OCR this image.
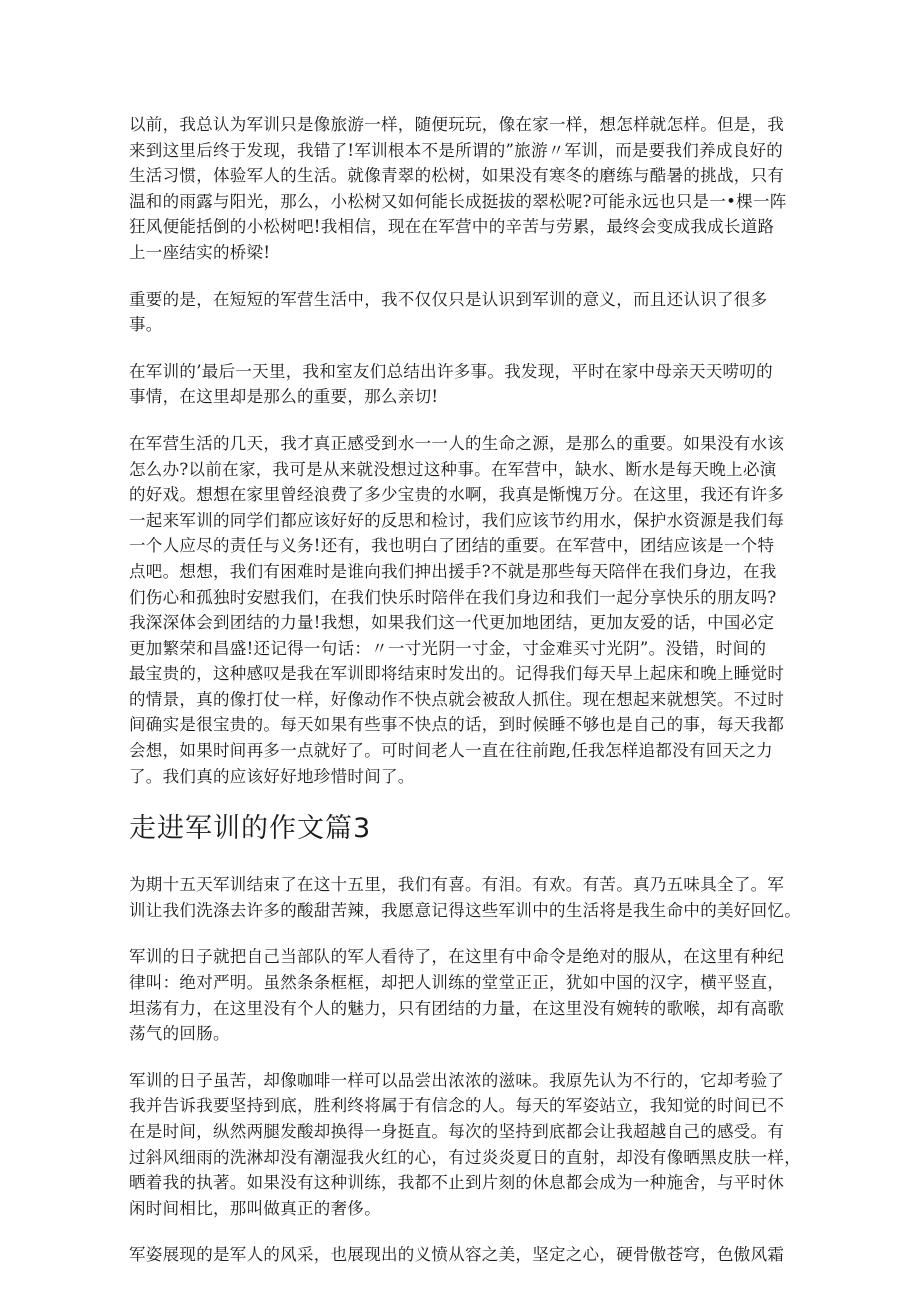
以前，我总认为军训只是像旅游一样，随便玩玩，像在家一样，想怎样就怎样。但是，我
来到这里后终于发现，我错了!军训根本不是所谓的”旅游〃军训，而是要我们养成良好的
生活习惯，体验军人的生活。就像青翠的松树，如果没有寒冬的磨练与酷暑的挑战，只有
温和的雨露与阳光，那么，小松树又如何能长成挺拔的翠松呢?可能永远也只是一•棵一阵
狂风便能括倒的小松树吧!我相信，现在在军营中的辛苦与劳累，最终会变成我成长道路
上一座结实的桥梁!

重要的是，在短短的军营生活中，我不仅仅只是认识到军训的意义，而且还认识了很多
事。

在军训的’最后一天里，我和室友们总结出许多事。我发现，平时在家中母亲天天唠叨的
事情，在这里却是那么的重要，那么亲切!

在军营生活的几天，我才真正感受到水一一人的生命之源，是那么的重要。如果没有水该
怎么办?以前在家，我可是从来就没想过这种事。在军营中，缺水、断水是每天晚上必演
的好戏。想想在家里曾经浪费了多少宝贵的水啊，我真是惭愧万分。在这里，我还有许多
一起来军训的同学们都应该好好的反思和检讨，我们应该节约用水，保护水资源是我们每
一个人应尽的责任与义务!还有，我也明白了团结的重要。在军营中，团结应该是一个特
点吧。想想，我们有困难时是谁向我们抻出援手?不就是那些每天陪伴在我们身边，在我
们伤心和孤独时安慰我们，在我们快乐时陪伴在我们身边和我们一起分享快乐的朋友吗?
我深深体会到团结的力量!我想，如果我们这一代更加地团结，更加友爱的话，中国必定
更加繁荣和昌盛!还记得一句话：〃一寸光阴一寸金，寸金难买寸光阴”。没错，时间的
最宝贵的，这种感叹是我在军训即将结束时发出的。记得我们每天早上起床和晚上睡觉时
的情景，真的像打仗一样，好像动作不快点就会被敌人抓住。现在想起来就想笑。不过时
间确实是很宝贵的。每天如果有些事不快点的话，到时候睡不够也是自己的事，每天我都
会想，如果时间再多一点就好了。可时间老人一直在往前跑,任我怎样追都没有回天之力
了。我们真的应该好好地珍惜时间了。

走进军训的作文篇3

为期十五天军训结束了在这十五里，我们有喜。有泪。有欢。有苦。真乃五味具全了。军
训让我们洗涤去许多的酸甜苦辣，我愿意记得这些军训中的生活将是我生命中的美好回忆。

军训的日子就把自己当部队的军人看待了，在这里有中命令是绝对的服从，在这里有种纪
律叫：绝对严明。虽然条条框框，却把人训练的堂堂正正，犹如中国的汉字，横平竖直，
坦荡有力，在这里没有个人的魅力，只有团结的力量，在这里没有婉转的歌喉，却有高歌
荡气的回肠。

军训的日子虽苦，却像咖啡一样可以品尝出浓浓的滋味。我原先认为不行的，它却考验了
我并告诉我要坚持到底，胜利终将属于有信念的人。每天的军姿站立，我知觉的时间已不
在是时间，纵然两腿发酸却换得一身挺直。每次的坚持到底都会让我超越自己的感受。有
过斜风细雨的洗淋却没有潮湿我火红的心，有过炎炎夏日的直射，却没有像晒黑皮肤一样，
晒着我的执著。如果没有这种训练，我都不止到片刻的休息都会成为一种施舍，与平时休
闲时间相比，那叫做真正的奢侈。

军姿展现的是军人的风采，也展现出的义愤从容之美，坚定之心，硬骨傲苍穹，色傲风霜
